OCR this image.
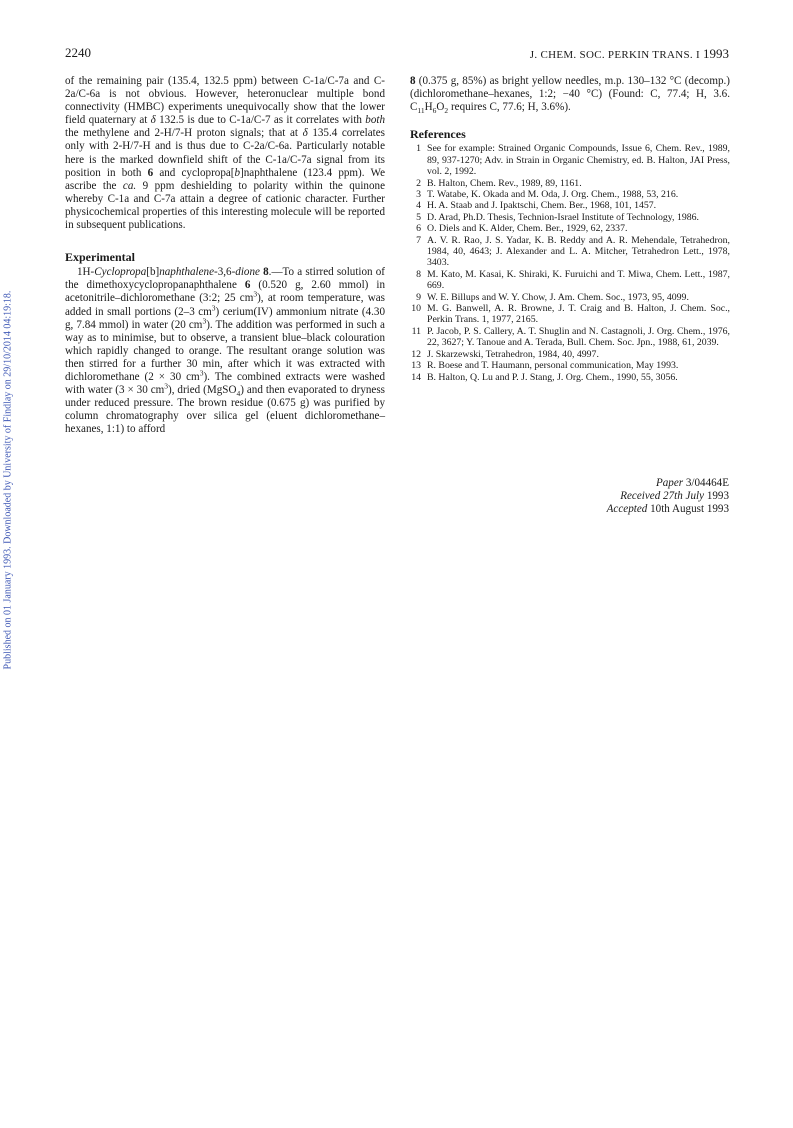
2240	J. CHEM. SOC. PERKIN TRANS. I 1993
Published on 01 January 1993. Downloaded by University of Findlay on 29/10/2014 04:19:18.

of the remaining pair (135.4, 132.5 ppm) between C-1a/C-7a and C-2a/C-6a is not obvious. However, heteronuclear multiple bond connectivity (HMBC) experiments unequivocally show that the lower field quaternary at δ 132.5 is due to C-1a/C-7 as it correlates with both the methylene and 2-H/7-H proton signals; that at δ 135.4 correlates only with 2-H/7-H and is thus due to C-2a/C-6a. Particularly notable here is the marked downfield shift of the C-1a/C-7a signal from its position in both 6 and cyclopropa[b]naphthalene (123.4 ppm). We ascribe the ca. 9 ppm deshielding to polarity within the quinone whereby C-1a and C-7a attain a degree of cationic character. Further physicochemical properties of this interesting molecule will be reported in subsequent publications.

Experimental

1H-Cyclopropa[b]naphthalene-3,6-dione 8.—To a stirred solution of the dimethoxycyclopropanaphthalene 6 (0.520 g, 2.60 mmol) in acetonitrile–dichloromethane (3:2; 25 $cm^3$), at room temperature, was added in small portions (2–3 $cm^3$) cerium(IV) ammonium nitrate (4.30 g, 7.84 mmol) in water (20 $cm^3$). The addition was performed in such a way as to minimise, but to observe, a transient blue–black colouration which rapidly changed to orange. The resultant orange solution was then stirred for a further 30 min, after which it was extracted with dichloromethane (2 × 30 $cm^3$). The combined extracts were washed with water (3 × 30 $cm^3$), dried (MgSO$_4$) and then evaporated to dryness under reduced pressure. The brown residue (0.675 g) was purified by column chromatography over silica gel (eluent dichloromethane–hexanes, 1:1) to afford

8 (0.375 g, 85%) as bright yellow needles, m.p. 130–132 °C (decomp.) (dichloromethane–hexanes, 1:2; −40 °C) (Found: C, 77.4; H, 3.6. $C_{11}H_6O_2$ requires C, 77.6; H, 3.6%).

References
1 See for example: Strained Organic Compounds, Issue 6, Chem. Rev., 1989, 89, 937-1270; Adv. in Strain in Organic Chemistry, ed. B. Halton, JAI Press, vol. 2, 1992.
2 B. Halton, Chem. Rev., 1989, 89, 1161.
3 T. Watabe, K. Okada and M. Oda, J. Org. Chem., 1988, 53, 216.
4 H. A. Staab and J. Ipaktschi, Chem. Ber., 1968, 101, 1457.
5 D. Arad, Ph.D. Thesis, Technion-Israel Institute of Technology, 1986.
6 O. Diels and K. Alder, Chem. Ber., 1929, 62, 2337.
7 A. V. R. Rao, J. S. Yadar, K. B. Reddy and A. R. Mehendale, Tetrahedron, 1984, 40, 4643; J. Alexander and L. A. Mitcher, Tetrahedron Lett., 1978, 3403.
8 M. Kato, M. Kasai, K. Shiraki, K. Furuichi and T. Miwa, Chem. Lett., 1987, 669.
9 W. E. Billups and W. Y. Chow, J. Am. Chem. Soc., 1973, 95, 4099.
10 M. G. Banwell, A. R. Browne, J. T. Craig and B. Halton, J. Chem. Soc., Perkin Trans. 1, 1977, 2165.
11 P. Jacob, P. S. Callery, A. T. Shuglin and N. Castagnoli, J. Org. Chem., 1976, 22, 3627; Y. Tanoue and A. Terada, Bull. Chem. Soc. Jpn., 1988, 61, 2039.
12 J. Skarzewski, Tetrahedron, 1984, 40, 4997.
13 R. Boese and T. Haumann, personal communication, May 1993.
14 B. Halton, Q. Lu and P. J. Stang, J. Org. Chem., 1990, 55, 3056.
Paper 3/04464E
Received 27th July 1993
Accepted 10th August 1993
